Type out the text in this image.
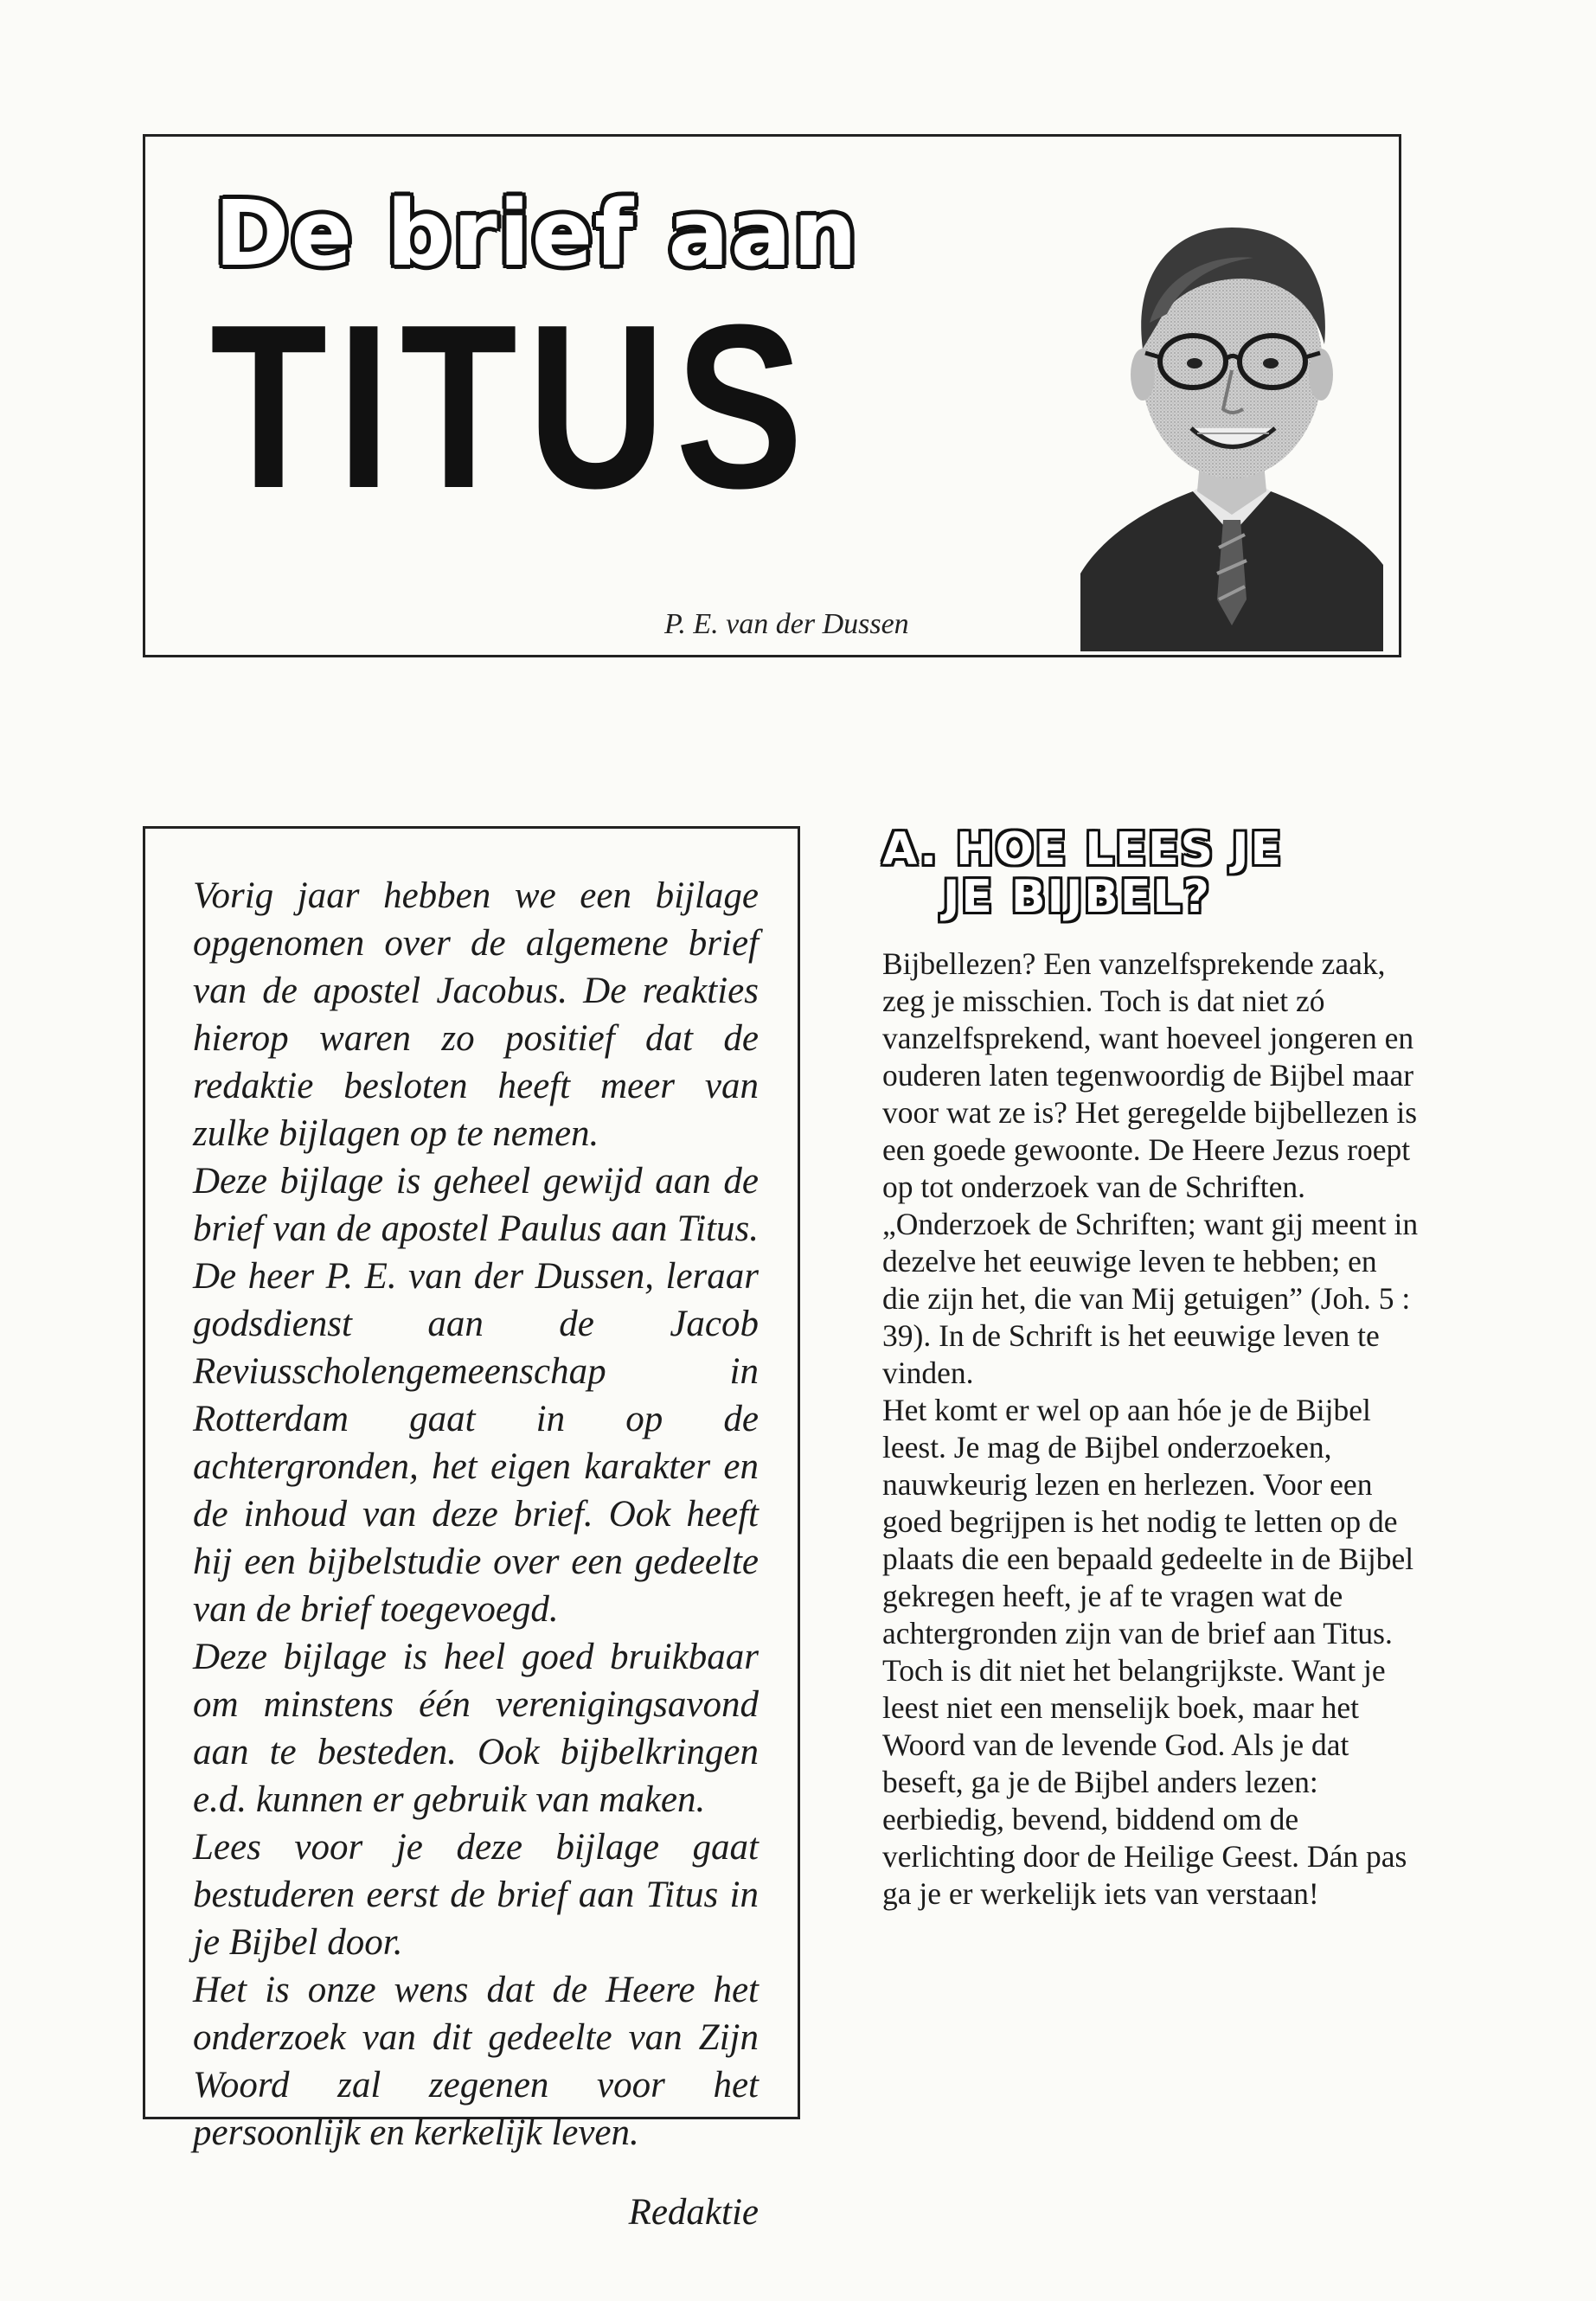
De brief aan
TITUS
P. E. van der Dussen

Vorig jaar hebben we een bijlage opgenomen over de algemene brief van de apostel Jacobus. De reakties hierop waren zo positief dat de redaktie besloten heeft meer van zulke bijlagen op te nemen.

Deze bijlage is geheel gewijd aan de brief van de apostel Paulus aan Titus. De heer P. E. van der Dussen, leraar godsdienst aan de Jacob Reviusscholengemeenschap in Rotterdam gaat in op de achtergronden, het eigen karakter en de inhoud van deze brief. Ook heeft hij een bijbelstudie over een gedeelte van de brief toegevoegd.

Deze bijlage is heel goed bruikbaar om minstens één verenigingsavond aan te besteden. Ook bijbelkringen e.d. kunnen er gebruik van maken.

Lees voor je deze bijlage gaat bestuderen eerst de brief aan Titus in je Bijbel door.

Het is onze wens dat de Heere het onderzoek van dit gedeelte van Zijn Woord zal zegenen voor het persoonlijk en kerkelijk leven.

Redaktie
A. HOE LEES JE
JE BIJBEL?

Bijbellezen? Een vanzelfsprekende zaak, zeg je misschien. Toch is dat niet zó vanzelfsprekend, want hoeveel jongeren en ouderen laten tegenwoordig de Bijbel maar voor wat ze is? Het geregelde bijbellezen is een goede gewoonte. De Heere Jezus roept op tot onderzoek van de Schriften. „Onderzoek de Schriften; want gij meent in dezelve het eeuwige leven te hebben; en die zijn het, die van Mij getuigen” (Joh. 5 : 39). In de Schrift is het eeuwige leven te vinden.

Het komt er wel op aan hóe je de Bijbel leest. Je mag de Bijbel onderzoeken, nauwkeurig lezen en herlezen. Voor een goed begrijpen is het nodig te letten op de plaats die een bepaald gedeelte in de Bijbel gekregen heeft, je af te vragen wat de achtergronden zijn van de brief aan Titus. Toch is dit niet het belangrijkste. Want je leest niet een menselijk boek, maar het Woord van de levende God. Als je dat beseft, ga je de Bijbel anders lezen: eerbiedig, bevend, biddend om de verlichting door de Heilige Geest. Dán pas ga je er werkelijk iets van verstaan!
